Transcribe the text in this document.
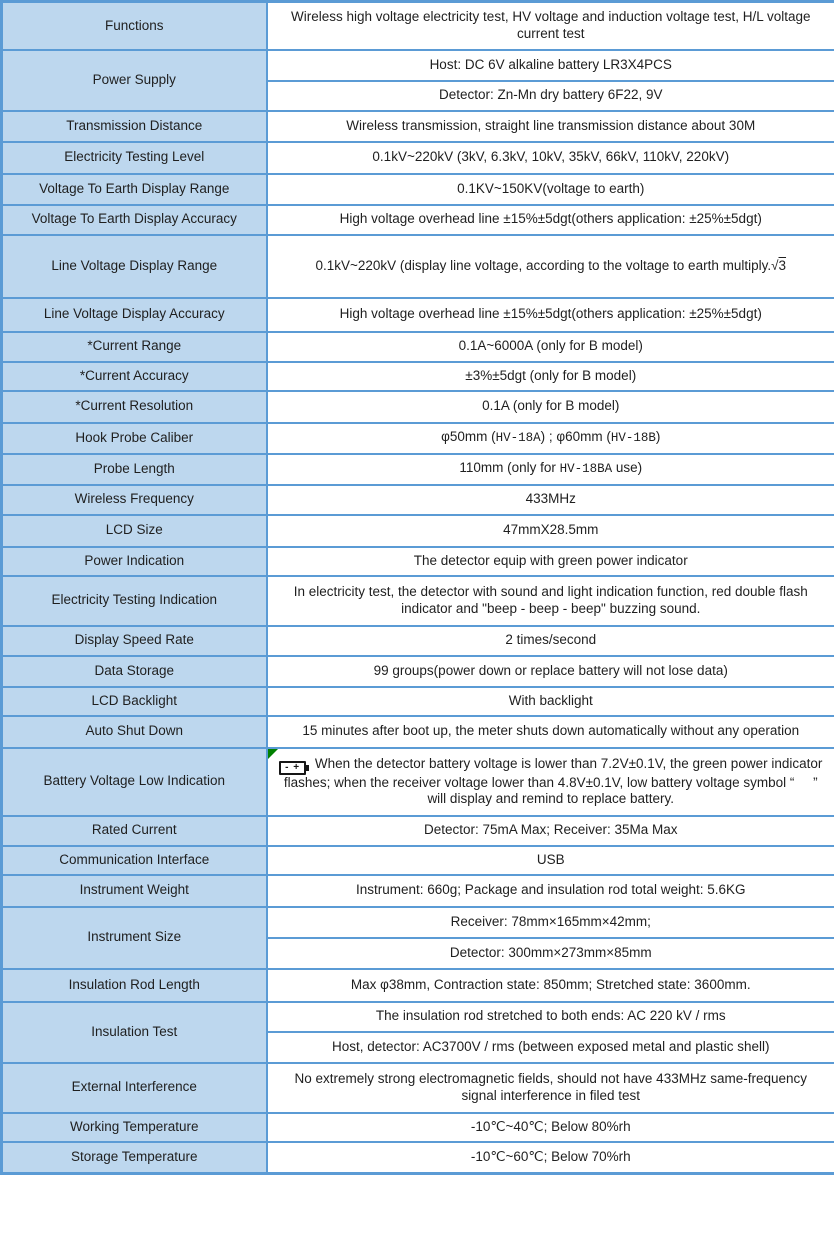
Functions	Wireless high voltage electricity test, HV voltage and induction voltage test, H/L voltage current test
Power Supply	Host: DC 6V alkaline battery LR3X4PCS
	Detector: Zn-Mn dry battery 6F22, 9V
Transmission Distance	Wireless transmission, straight line transmission distance about 30M
Electricity Testing Level	0.1kV~220kV (3kV, 6.3kV, 10kV, 35kV, 66kV, 110kV, 220kV)
Voltage To Earth Display Range	0.1KV~150KV(voltage to earth)
Voltage To Earth Display Accuracy	High voltage overhead line ±15%±5dgt(others application: ±25%±5dgt)
Line Voltage Display Range	0.1kV~220kV (display line voltage, according to the voltage to earth multiply.√3
Line Voltage Display Accuracy	High voltage overhead line ±15%±5dgt(others application: ±25%±5dgt)
*Current Range	0.1A~6000A (only for B model)
*Current Accuracy	±3%±5dgt (only for B model)
*Current Resolution	0.1A (only for B model)
Hook Probe Caliber	φ50mm (HV-18A) ; φ60mm (HV-18B)
Probe Length	110mm (only for HV-18BA use)
Wireless Frequency	433MHz
LCD Size	47mmX28.5mm
Power Indication	The detector equip with green power indicator
Electricity Testing Indication	In electricity test, the detector with sound and light indication function, red double flash indicator and "beep - beep - beep" buzzing sound.
Display Speed Rate	2 times/second
Data Storage	99 groups(power down or replace battery will not lose data)
LCD Backlight	With backlight
Auto Shut Down	15 minutes after boot up, the meter shuts down automatically without any operation
Battery Voltage Low Indication	- + When the detector battery voltage is lower than 7.2V±0.1V, the green power indicator flashes; when the receiver voltage lower than 4.8V±0.1V, low battery voltage symbol “     ” will display and remind to replace battery.
Rated Current	Detector: 75mA Max; Receiver: 35Ma Max
Communication Interface	USB
Instrument Weight	Instrument: 660g; Package and insulation rod total weight: 5.6KG
Instrument Size	Receiver: 78mm×165mm×42mm;
	Detector: 300mm×273mm×85mm
Insulation Rod Length	Max φ38mm, Contraction state: 850mm; Stretched state: 3600mm.
Insulation Test	The insulation rod stretched to both ends: AC 220 kV / rms
	Host, detector: AC3700V / rms (between exposed metal and plastic shell)
External Interference	No extremely strong electromagnetic fields, should not have 433MHz same-frequency signal interference in filed test
Working Temperature	-10℃~40℃; Below 80%rh
Storage Temperature	-10℃~60℃; Below 70%rh
